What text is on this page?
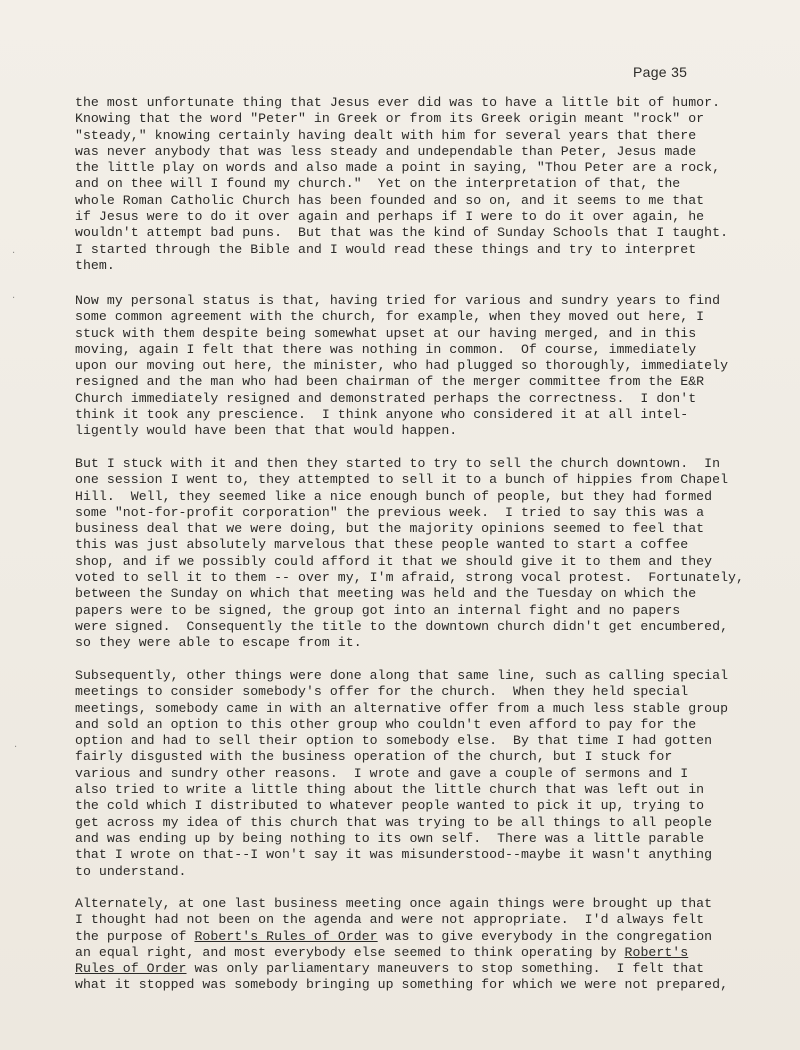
Page 35
the most unfortunate thing that Jesus ever did was to have a little bit of humor.
Knowing that the word "Peter" in Greek or from its Greek origin meant "rock" or
"steady," knowing certainly having dealt with him for several years that there
was never anybody that was less steady and undependable than Peter, Jesus made
the little play on words and also made a point in saying, "Thou Peter are a rock,
and on thee will I found my church."  Yet on the interpretation of that, the
whole Roman Catholic Church has been founded and so on, and it seems to me that
if Jesus were to do it over again and perhaps if I were to do it over again, he
wouldn't attempt bad puns.  But that was the kind of Sunday Schools that I taught.
I started through the Bible and I would read these things and try to interpret
them.
Now my personal status is that, having tried for various and sundry years to find
some common agreement with the church, for example, when they moved out here, I
stuck with them despite being somewhat upset at our having merged, and in this
moving, again I felt that there was nothing in common.  Of course, immediately
upon our moving out here, the minister, who had plugged so thoroughly, immediately
resigned and the man who had been chairman of the merger committee from the E&R
Church immediately resigned and demonstrated perhaps the correctness.  I don't
think it took any prescience.  I think anyone who considered it at all intel-
ligently would have been that that would happen.
But I stuck with it and then they started to try to sell the church downtown.  In
one session I went to, they attempted to sell it to a bunch of hippies from Chapel
Hill.  Well, they seemed like a nice enough bunch of people, but they had formed
some "not-for-profit corporation" the previous week.  I tried to say this was a
business deal that we were doing, but the majority opinions seemed to feel that
this was just absolutely marvelous that these people wanted to start a coffee
shop, and if we possibly could afford it that we should give it to them and they
voted to sell it to them -- over my, I'm afraid, strong vocal protest.  Fortunately,
between the Sunday on which that meeting was held and the Tuesday on which the
papers were to be signed, the group got into an internal fight and no papers
were signed.  Consequently the title to the downtown church didn't get encumbered,
so they were able to escape from it.
Subsequently, other things were done along that same line, such as calling special
meetings to consider somebody's offer for the church.  When they held special
meetings, somebody came in with an alternative offer from a much less stable group
and sold an option to this other group who couldn't even afford to pay for the
option and had to sell their option to somebody else.  By that time I had gotten
fairly disgusted with the business operation of the church, but I stuck for
various and sundry other reasons.  I wrote and gave a couple of sermons and I
also tried to write a little thing about the little church that was left out in
the cold which I distributed to whatever people wanted to pick it up, trying to
get across my idea of this church that was trying to be all things to all people
and was ending up by being nothing to its own self.  There was a little parable
that I wrote on that--I won't say it was misunderstood--maybe it wasn't anything
to understand.
Alternately, at one last business meeting once again things were brought up that
I thought had not been on the agenda and were not appropriate.  I'd always felt
the purpose of Robert's Rules of Order was to give everybody in the congregation
an equal right, and most everybody else seemed to think operating by Robert's
Rules of Order was only parliamentary maneuvers to stop something.  I felt that
what it stopped was somebody bringing up something for which we were not prepared,
‧
‧
‧
